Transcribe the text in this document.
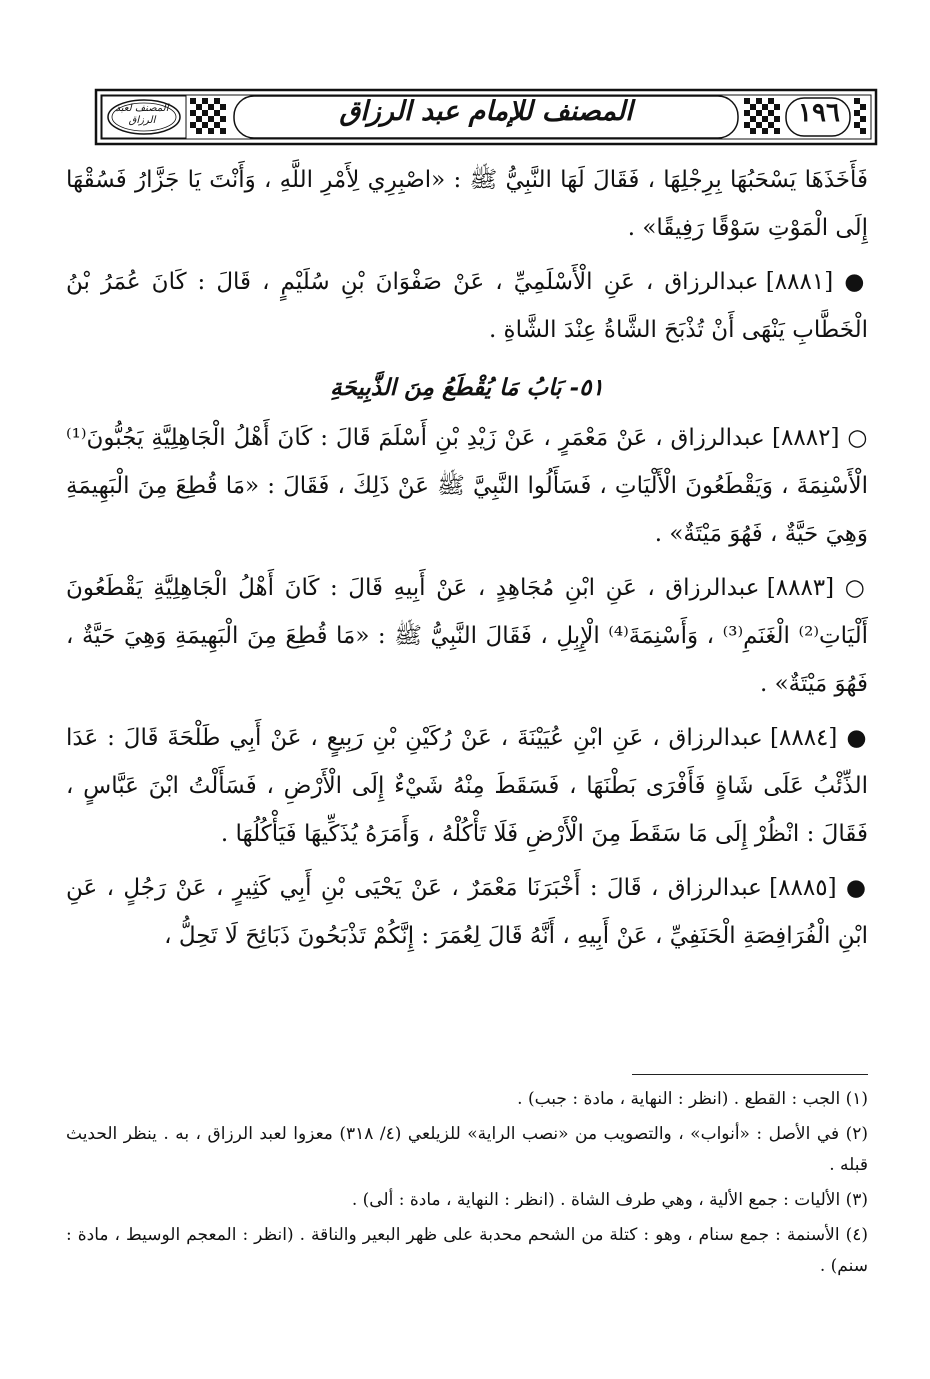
المصنف لعبد الرزاق	المصنف للإمام عبد الرزاق	١٩٦

فَأَخَذَهَا يَسْحَبُهَا بِرِجْلِهَا ، فَقَالَ لَهَا النَّبِيُّ ﷺ : «اصْبِرِي لِأَمْرِ اللَّهِ ، وَأَنْتَ يَا جَزَّارُ فَسُقْهَا إِلَى الْمَوْتِ سَوْقًا رَفِيقًا» .

● [٨٨٨١] عبدالرزاق ، عَنِ الْأَسْلَمِيِّ ، عَنْ صَفْوَانَ بْنِ سُلَيْمٍ ، قَالَ : كَانَ عُمَرُ بْنُ الْخَطَّابِ يَنْهَى أَنْ تُذْبَحَ الشَّاةُ عِنْدَ الشَّاةِ .

٥١- بَابُ مَا يُقْطَعُ مِنَ الذَّبِيحَةِ

○ [٨٨٨٢] عبدالرزاق ، عَنْ مَعْمَرٍ ، عَنْ زَيْدِ بْنِ أَسْلَمَ قَالَ : كَانَ أَهْلُ الْجَاهِلِيَّةِ يَجُبُّونَ⁽¹⁾ الْأَسْنِمَةَ ، وَيَقْطَعُونَ الْأَلْيَاتِ ، فَسَأَلُوا النَّبِيَّ ﷺ عَنْ ذَلِكَ ، فَقَالَ : «مَا قُطِعَ مِنَ الْبَهِيمَةِ وَهِيَ حَيَّةٌ ، فَهُوَ مَيْتَةٌ» .

○ [٨٨٨٣] عبدالرزاق ، عَنِ ابْنِ مُجَاهِدٍ ، عَنْ أَبِيهِ قَالَ : كَانَ أَهْلُ الْجَاهِلِيَّةِ يَقْطَعُونَ أَلْيَاتِ⁽²⁾ الْغَنَمِ⁽³⁾ ، وَأَسْنِمَةَ⁽⁴⁾ الْإِبِلِ ، فَقَالَ النَّبِيُّ ﷺ : «مَا قُطِعَ مِنَ الْبَهِيمَةِ وَهِيَ حَيَّةٌ ، فَهُوَ مَيْتَةٌ» .

● [٨٨٨٤] عبدالرزاق ، عَنِ ابْنِ عُيَيْنَةَ ، عَنْ رُكَيْنِ بْنِ رَبِيعٍ ، عَنْ أَبِي طَلْحَةَ قَالَ : عَدَا الذِّئْبُ عَلَى شَاةٍ فَأَفْرَى بَطْنَهَا ، فَسَقَطَ مِنْهُ شَيْءٌ إِلَى الْأَرْضِ ، فَسَأَلْتُ ابْنَ عَبَّاسٍ ، فَقَالَ : انْظُرْ إِلَى مَا سَقَطَ مِنَ الْأَرْضِ فَلَا تَأْكُلْهُ ، وَأَمَرَهُ يُذَكِّيهَا فَيَأْكُلُهَا .

● [٨٨٨٥] عبدالرزاق ، قَالَ : أَخْبَرَنَا مَعْمَرٌ ، عَنْ يَحْيَى بْنِ أَبِي كَثِيرٍ ، عَنْ رَجُلٍ ، عَنِ ابْنِ الْفُرَافِصَةِ الْحَنَفِيِّ ، عَنْ أَبِيهِ ، أَنَّهُ قَالَ لِعُمَرَ : إِنَّكُمْ تَذْبَحُونَ ذَبَائِحَ لَا تَحِلُّ ،

(١) الجب : القطع . (انظر : النهاية ، مادة : جبب) .
(٢) في الأصل : «أنواب» ، والتصويب من «نصب الراية» للزيلعي (٤/ ٣١٨) معزوا لعبد الرزاق ، به . ينظر الحديث قبله .
(٣) الأليات : جمع الألية ، وهي طرف الشاة . (انظر : النهاية ، مادة : ألى) .
(٤) الأسنمة : جمع سنام ، وهو : كتلة من الشحم محدبة على ظهر البعير والناقة . (انظر : المعجم الوسيط ، مادة : سنم) .
